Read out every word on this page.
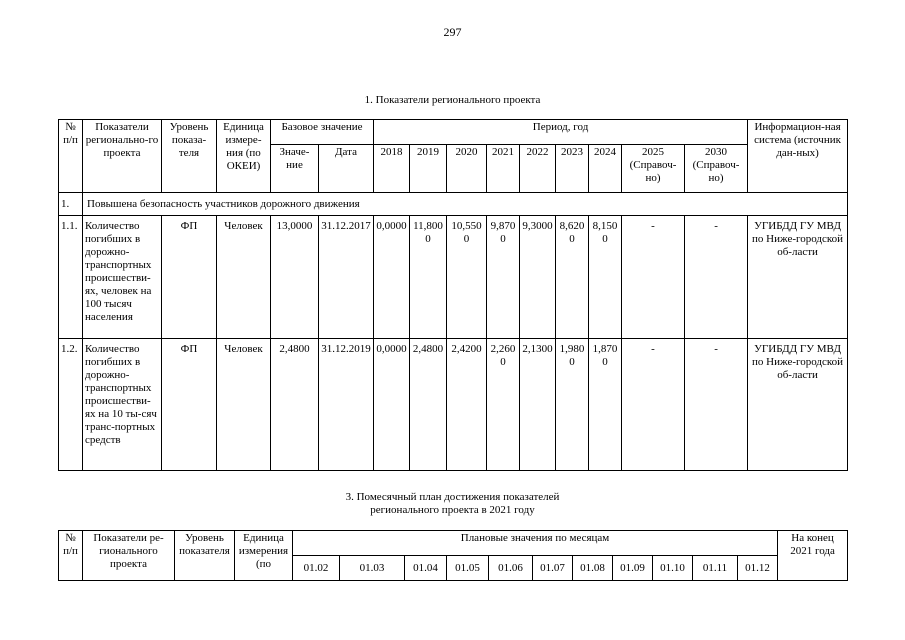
297
1. Показатели регионального проекта
№ п/п	Показатели регионально-го проекта	Уровень показа-теля	Единица измере-ния (по ОКЕИ)	Базовое значение		Период, год									Информацион-ная система (источник дан-ных)
				Значе-ние	Дата	2018	2019	2020	2021	2022	2023	2024	2025 (Справоч-но)	2030 (Справоч-но)	
1.	Повышена безопасность участников дорожного движения														
1.1.	Количество погибших в дорожно-транспортных происшестви-ях, человек на 100 тысяч населения	ФП	Человек	13,0000	31.12.2017	0,0000	11,8000	10,5500	9,8700	9,3000	8,6200	8,1500	-	-	УГИБДД ГУ МВД по Ниже-городской об-ласти
1.2.	Количество погибших в дорожно-транспортных происшестви-ях на 10 ты-сяч транс-портных средств	ФП	Человек	2,4800	31.12.2019	0,0000	2,4800	2,4200	2,2600	2,1300	1,9800	1,8700	-	-	УГИБДД ГУ МВД по Ниже-городской об-ласти
3. Помесячный план достижения показателей
регионального проекта в 2021 году
№ п/п	Показатели ре-гионального проекта	Уровень показателя	Единица измерения (по	Плановые значения по месяцам											На конец 2021 года
				01.02	01.03	01.04	01.05	01.06	01.07	01.08	01.09	01.10	01.11	01.12	
